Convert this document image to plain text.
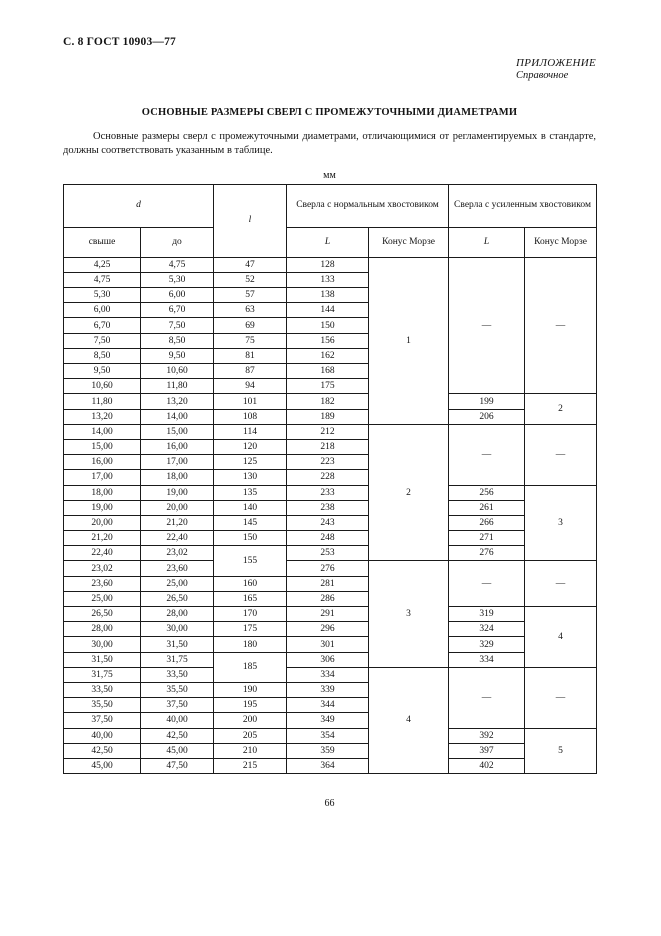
С. 8 ГОСТ 10903—77
ПРИЛОЖЕНИЕ
Справочное
ОСНОВНЫЕ РАЗМЕРЫ СВЕРЛ С ПРОМЕЖУТОЧНЫМИ ДИАМЕТРАМИ
Основные размеры сверл с промежуточными диаметрами, отличающимися от регламентируемых в стандарте, должны соответствовать указанным в таблице.
мм
d		l	Сверла с нормальным хвостовиком		Сверла с усиленным хвостовиком	
свыше	до		L	Конус Морзе	L	Конус Морзе
4,25	4,75	47	128	1	—	—
4,75	5,30	52	133			
5,30	6,00	57	138			
6,00	6,70	63	144			
6,70	7,50	69	150			
7,50	8,50	75	156			
8,50	9,50	81	162			
9,50	10,60	87	168			
10,60	11,80	94	175			
11,80	13,20	101	182		199	2
13,20	14,00	108	189		206	
14,00	15,00	114	212	2	—	—
15,00	16,00	120	218			
16,00	17,00	125	223			
17,00	18,00	130	228			
18,00	19,00	135	233		256	3
19,00	20,00	140	238		261	
20,00	21,20	145	243		266	
21,20	22,40	150	248		271	
22,40	23,02	155	253		276	
23,02	23,60		276	3	—	—
23,60	25,00	160	281			
25,00	26,50	165	286			
26,50	28,00	170	291		319	4
28,00	30,00	175	296		324	
30,00	31,50	180	301		329	
31,50	31,75	185	306		334	
31,75	33,50		334	4	—	—
33,50	35,50	190	339			
35,50	37,50	195	344			
37,50	40,00	200	349			
40,00	42,50	205	354		392	5
42,50	45,00	210	359		397	
45,00	47,50	215	364		402	
66
